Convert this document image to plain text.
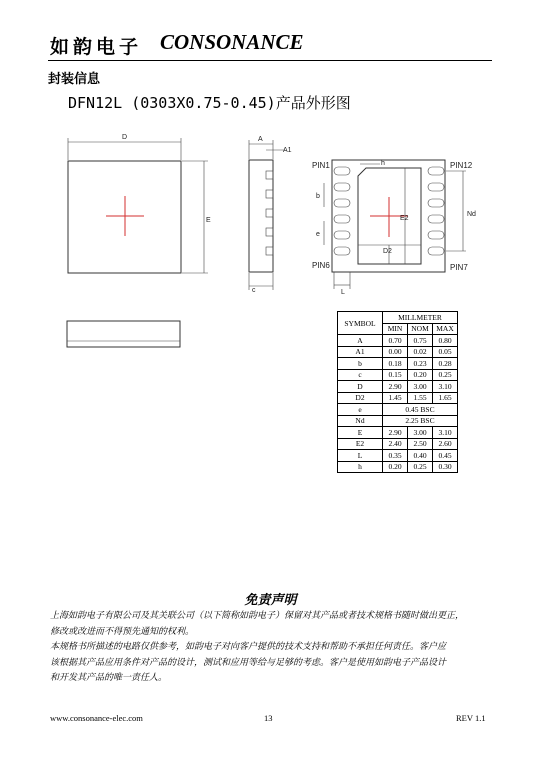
如韵电子 CONSONANCE
封装信息
DFN12L (0303X0.75-0.45)产品外形图
D
E
A
A1
c
PIN1
PIN6
PIN12
PIN7
h
b
e
E2
D2
Nd
L
SYMBOL	MILLMETER		
	MIN	NOM	MAX
A	0.70	0.75	0.80
A1	0.00	0.02	0.05
b	0.18	0.23	0.28
c	0.15	0.20	0.25
D	2.90	3.00	3.10
D2	1.45	1.55	1.65
e	0.45 BSC		
Nd	2.25 BSC		
E	2.90	3.00	3.10
E2	2.40	2.50	2.60
L	0.35	0.40	0.45
h	0.20	0.25	0.30
免责声明

上海如韵电子有限公司及其关联公司（以下简称如韵电子）保留对其产品或者技术规格书随时做出更正，

修改或改进而不得预先通知的权利。

本规格书所描述的电路仅供参考，如韵电子对向客户提供的技术支持和帮助不承担任何责任。客户应

该根据其产品应用条件对产品的设计，测试和应用等给与足够的考虑。客户是使用如韵电子产品设计

和开发其产品的唯一责任人。

www.consonance-elec.com	13	REV 1.1
